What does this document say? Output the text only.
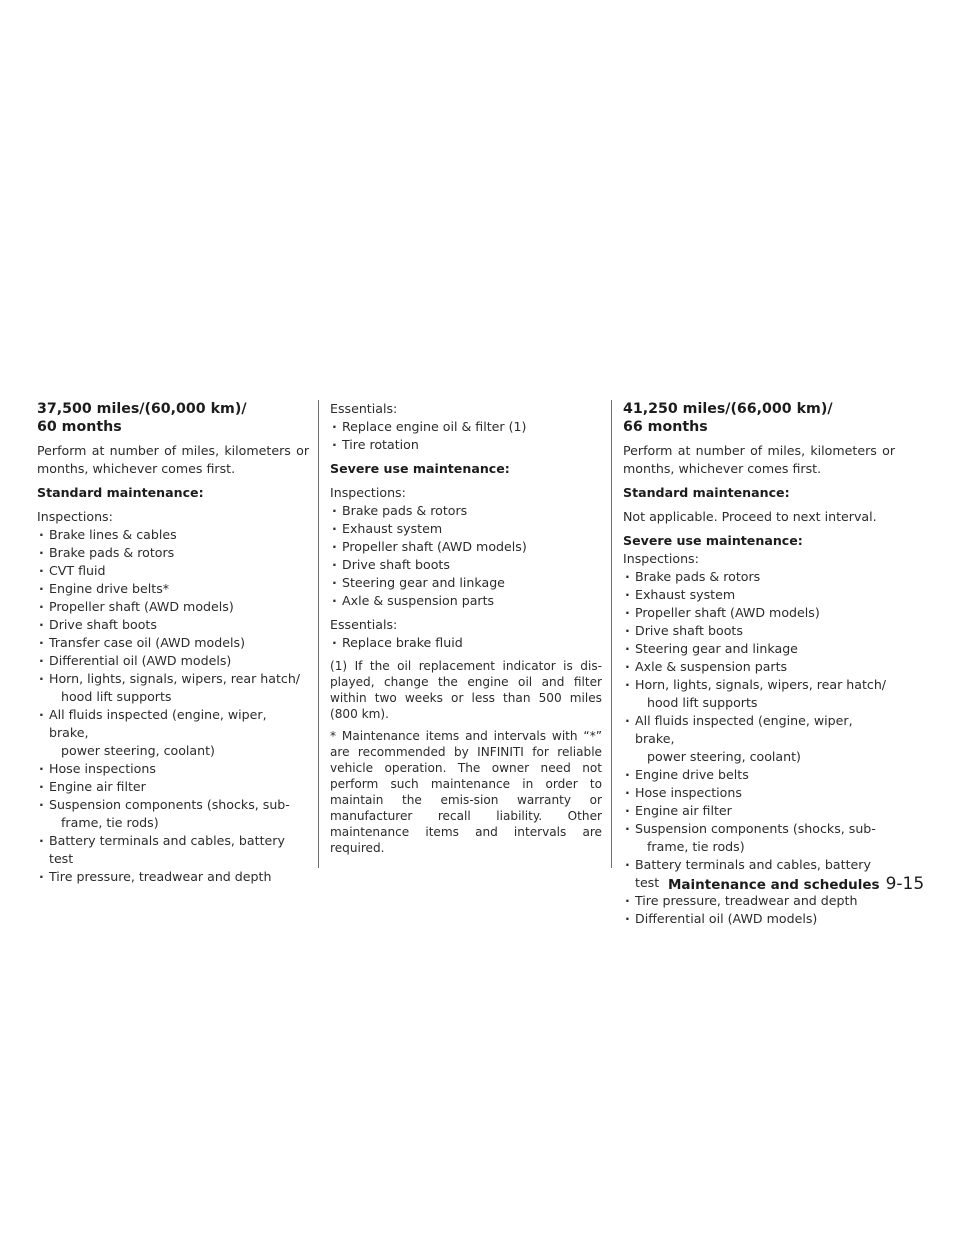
37,500 miles/(60,000 km)/
60 months

Perform at number of miles, kilometers or months, whichever comes first.

Standard maintenance:

Inspections:

· Brake lines & cables
· Brake pads & rotors
· CVT fluid
· Engine drive belts*
· Propeller shaft (AWD models)
· Drive shaft boots
· Transfer case oil (AWD models)
· Differential oil (AWD models)
· Horn, lights, signals, wipers, rear hatch/
hood lift supports
· All fluids inspected (engine, wiper, brake,
power steering, coolant)
· Hose inspections
· Engine air filter
· Suspension components (shocks, sub-
frame, tie rods)
· Battery terminals and cables, battery test
· Tire pressure, treadwear and depth

Essentials:

· Replace engine oil & filter (1)
· Tire rotation

Severe use maintenance:

Inspections:

· Brake pads & rotors
· Exhaust system
· Propeller shaft (AWD models)
· Drive shaft boots
· Steering gear and linkage
· Axle & suspension parts

Essentials:

· Replace brake fluid

(1) If the oil replacement indicator is dis-played, change the engine oil and filter within two weeks or less than 500 miles (800 km).

* Maintenance items and intervals with “*” are recommended by INFINITI for reliable vehicle operation. The owner need not perform such maintenance in order to maintain the emis-sion warranty or manufacturer recall liability. Other maintenance items and intervals are required.

41,250 miles/(66,000 km)/
66 months

Perform at number of miles, kilometers or months, whichever comes first.

Standard maintenance:

Not applicable. Proceed to next interval.

Severe use maintenance:

Inspections:

· Brake pads & rotors
· Exhaust system
· Propeller shaft (AWD models)
· Drive shaft boots
· Steering gear and linkage
· Axle & suspension parts
· Horn, lights, signals, wipers, rear hatch/
hood lift supports
· All fluids inspected (engine, wiper, brake,
power steering, coolant)
· Engine drive belts
· Hose inspections
· Engine air filter
· Suspension components (shocks, sub-
frame, tie rods)
· Battery terminals and cables, battery test
· Tire pressure, treadwear and depth
· Differential oil (AWD models)
Maintenance and schedules 9-15
